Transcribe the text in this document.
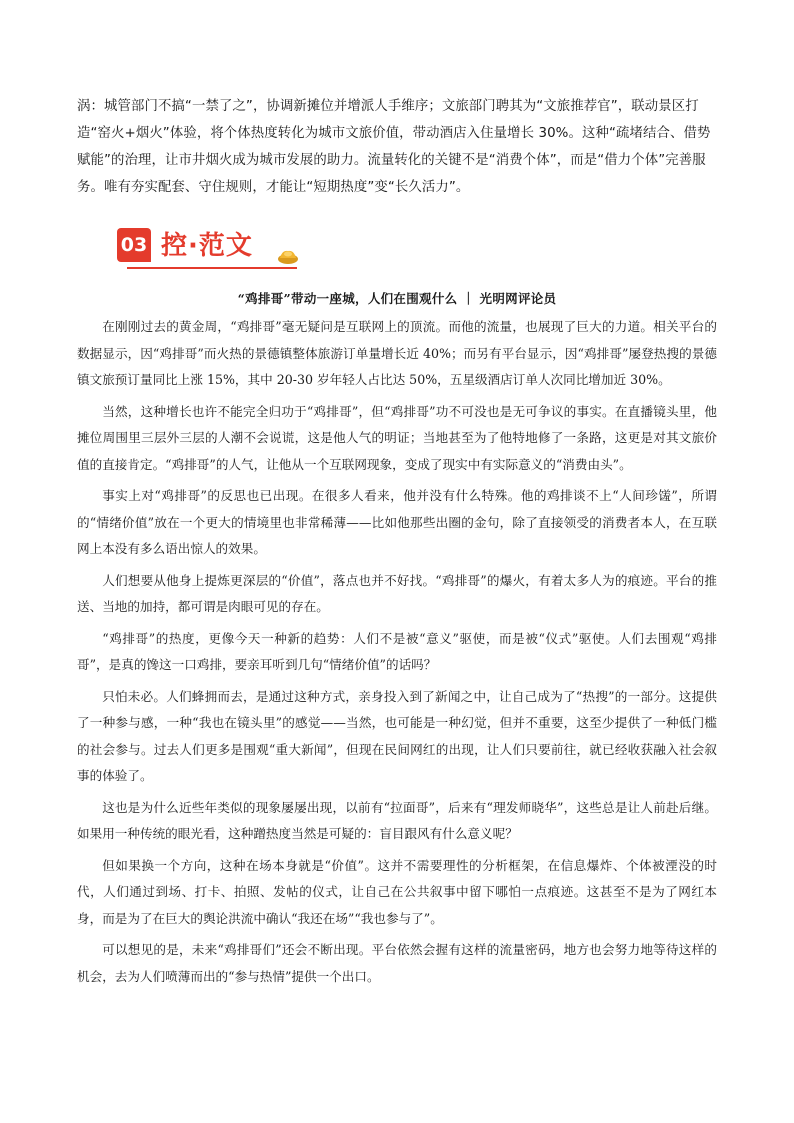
涡：城管部门不搞“一禁了之”，协调新摊位并增派人手维序；文旅部门聘其为“文旅推荐官”，联动景区打造“窑火+烟火”体验，将个体热度转化为城市文旅价值，带动酒店入住量增长 30%。这种“疏堵结合、借势赋能”的治理，让市井烟火成为城市发展的助力。流量转化的关键不是“消费个体”，而是“借力个体”完善服务。唯有夯实配套、守住规则，才能让“短期热度”变“长久活力”。

03 控·范文

“鸡排哥”带动一座城，人们在围观什么 ｜ 光明网评论员

在刚刚过去的黄金周，“鸡排哥”毫无疑问是互联网上的顶流。而他的流量，也展现了巨大的力道。相关平台的数据显示，因“鸡排哥”而火热的景德镇整体旅游订单量增长近 40%；而另有平台显示，因“鸡排哥”屡登热搜的景德镇文旅预订量同比上涨 15%，其中 20-30 岁年轻人占比达 50%，五星级酒店订单人次同比增加近 30%。

当然，这种增长也许不能完全归功于“鸡排哥”，但“鸡排哥”功不可没也是无可争议的事实。在直播镜头里，他摊位周围里三层外三层的人潮不会说谎，这是他人气的明证；当地甚至为了他特地修了一条路，这更是对其文旅价值的直接肯定。“鸡排哥”的人气，让他从一个互联网现象，变成了现实中有实际意义的“消费由头”。

事实上对“鸡排哥”的反思也已出现。在很多人看来，他并没有什么特殊。他的鸡排谈不上“人间珍馐”，所谓的“情绪价值”放在一个更大的情境里也非常稀薄——比如他那些出圈的金句，除了直接领受的消费者本人，在互联网上本没有多么语出惊人的效果。

人们想要从他身上提炼更深层的“价值”，落点也并不好找。“鸡排哥”的爆火，有着太多人为的痕迹。平台的推送、当地的加持，都可谓是肉眼可见的存在。

“鸡排哥”的热度，更像今天一种新的趋势：人们不是被“意义”驱使，而是被“仪式”驱使。人们去围观“鸡排哥”，是真的馋这一口鸡排，要亲耳听到几句“情绪价值”的话吗？

只怕未必。人们蜂拥而去，是通过这种方式，亲身投入到了新闻之中，让自己成为了“热搜”的一部分。这提供了一种参与感，一种“我也在镜头里”的感觉——当然，也可能是一种幻觉，但并不重要，这至少提供了一种低门槛的社会参与。过去人们更多是围观“重大新闻”，但现在民间网红的出现，让人们只要前往，就已经收获融入社会叙事的体验了。

这也是为什么近些年类似的现象屡屡出现，以前有“拉面哥”，后来有“理发师晓华”，这些总是让人前赴后继。如果用一种传统的眼光看，这种蹭热度当然是可疑的：盲目跟风有什么意义呢？

但如果换一个方向，这种在场本身就是“价值”。这并不需要理性的分析框架，在信息爆炸、个体被湮没的时代，人们通过到场、打卡、拍照、发帖的仪式，让自己在公共叙事中留下哪怕一点痕迹。这甚至不是为了网红本身，而是为了在巨大的舆论洪流中确认“我还在场”“我也参与了”。

可以想见的是，未来“鸡排哥们”还会不断出现。平台依然会握有这样的流量密码，地方也会努力地等待这样的机会，去为人们喷薄而出的“参与热情”提供一个出口。
